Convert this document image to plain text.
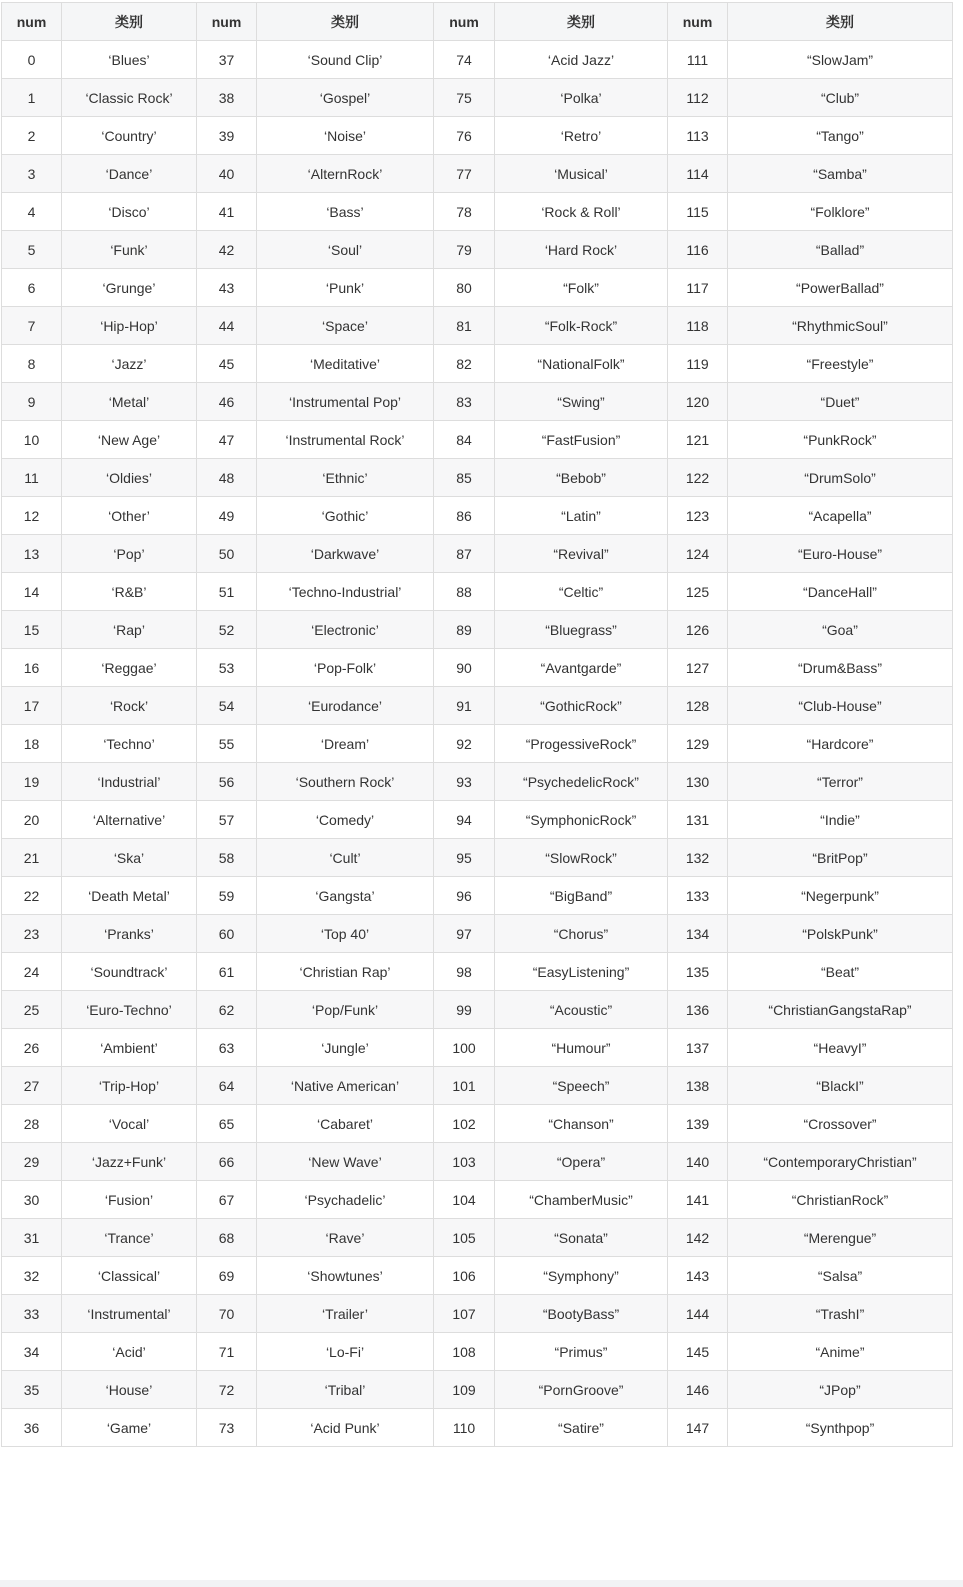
num	类别	num	类别	num	类别	num	类别
0	‘Blues’	37	‘Sound Clip’	74	‘Acid Jazz’	111	“SlowJam”
1	‘Classic Rock’	38	‘Gospel’	75	‘Polka’	112	“Club”
2	‘Country’	39	‘Noise’	76	‘Retro’	113	“Tango”
3	‘Dance’	40	‘AlternRock’	77	‘Musical’	114	“Samba”
4	‘Disco’	41	‘Bass’	78	‘Rock & Roll’	115	“Folklore”
5	‘Funk’	42	‘Soul’	79	‘Hard Rock’	116	“Ballad”
6	‘Grunge’	43	‘Punk’	80	“Folk”	117	“PowerBallad”
7	‘Hip-Hop’	44	‘Space’	81	“Folk-Rock”	118	“RhythmicSoul”
8	‘Jazz’	45	‘Meditative’	82	“NationalFolk”	119	“Freestyle”
9	‘Metal’	46	‘Instrumental Pop’	83	“Swing”	120	“Duet”
10	‘New Age’	47	‘Instrumental Rock’	84	“FastFusion”	121	“PunkRock”
11	‘Oldies’	48	‘Ethnic’	85	“Bebob”	122	“DrumSolo”
12	‘Other’	49	‘Gothic’	86	“Latin”	123	“Acapella”
13	‘Pop’	50	‘Darkwave’	87	“Revival”	124	“Euro-House”
14	‘R&B’	51	‘Techno-Industrial’	88	“Celtic”	125	“DanceHall”
15	‘Rap’	52	‘Electronic’	89	“Bluegrass”	126	“Goa”
16	‘Reggae’	53	‘Pop-Folk’	90	“Avantgarde”	127	“Drum&Bass”
17	‘Rock’	54	‘Eurodance’	91	“GothicRock”	128	“Club-House”
18	‘Techno’	55	‘Dream’	92	“ProgessiveRock”	129	“Hardcore”
19	‘Industrial’	56	‘Southern Rock’	93	“PsychedelicRock”	130	“Terror”
20	‘Alternative’	57	‘Comedy’	94	“SymphonicRock”	131	“Indie”
21	‘Ska’	58	‘Cult’	95	“SlowRock”	132	“BritPop”
22	‘Death Metal’	59	‘Gangsta’	96	“BigBand”	133	“Negerpunk”
23	‘Pranks’	60	‘Top 40’	97	“Chorus”	134	“PolskPunk”
24	‘Soundtrack’	61	‘Christian Rap’	98	“EasyListening”	135	“Beat”
25	‘Euro-Techno’	62	‘Pop/Funk’	99	“Acoustic”	136	“ChristianGangstaRap”
26	‘Ambient’	63	‘Jungle’	100	“Humour”	137	“HeavyI”
27	‘Trip-Hop’	64	‘Native American’	101	“Speech”	138	“BlackI”
28	‘Vocal’	65	‘Cabaret’	102	“Chanson”	139	“Crossover”
29	‘Jazz+Funk’	66	‘New Wave’	103	“Opera”	140	“ContemporaryChristian”
30	‘Fusion’	67	‘Psychadelic’	104	“ChamberMusic”	141	“ChristianRock”
31	‘Trance’	68	‘Rave’	105	“Sonata”	142	“Merengue”
32	‘Classical’	69	‘Showtunes’	106	“Symphony”	143	“Salsa”
33	‘Instrumental’	70	‘Trailer’	107	“BootyBass”	144	“TrashI”
34	‘Acid’	71	‘Lo-Fi’	108	“Primus”	145	“Anime”
35	‘House’	72	‘Tribal’	109	“PornGroove”	146	“JPop”
36	‘Game’	73	‘Acid Punk’	110	“Satire”	147	“Synthpop”
